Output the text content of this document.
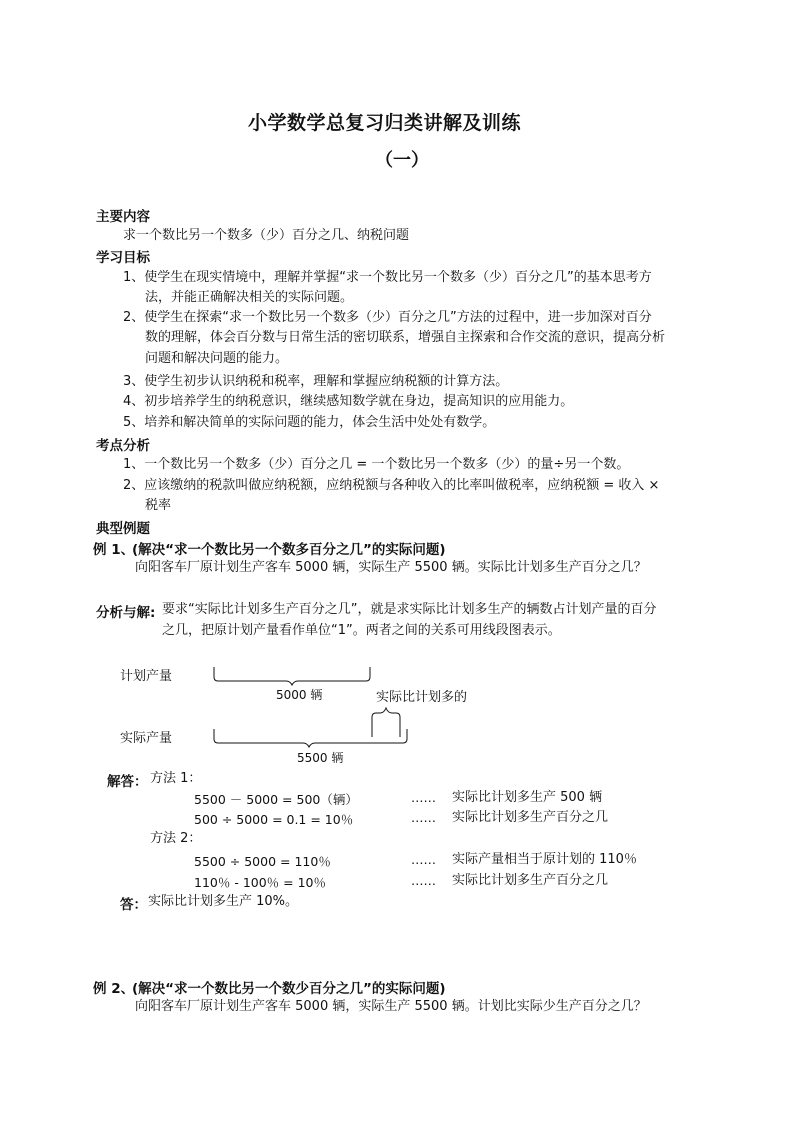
小学数学总复习归类讲解及训练
（一）
主要内容
求一个数比另一个数多（少）百分之几、纳税问题
学习目标
1、使学生在现实情境中，理解并掌握“求一个数比另一个数多（少）百分之几”的基本思考方
法，并能正确解决相关的实际问题。
2、使学生在探索“求一个数比另一个数多（少）百分之几”方法的过程中，进一步加深对百分
数的理解，体会百分数与日常生活的密切联系，增强自主探索和合作交流的意识，提高分析
问题和解决问题的能力。
3、使学生初步认识纳税和税率，理解和掌握应纳税额的计算方法。
4、初步培养学生的纳税意识，继续感知数学就在身边，提高知识的应用能力。
5、培养和解决简单的实际问题的能力，体会生活中处处有数学。
考点分析
1、一个数比另一个数多（少）百分之几 = 一个数比另一个数多（少）的量÷另一个数。
2、应该缴纳的税款叫做应纳税额，应纳税额与各种收入的比率叫做税率，应纳税额 = 收入 ×
税率
典型例题
例 1、
(解决“求一个数比另一个数多百分之几”的实际问题)
向阳客车厂原计划生产客车 5000 辆，实际生产 5500 辆。实际比计划多生产百分之几？
分析与解: 要求“实际比计划多生产百分之几”，就是求实际比计划多生产的辆数占计划产量的百分
之几，把原计划产量看作单位“1”。两者之间的关系可用线段图表示。
计划产量
5000 辆	实际比计划多的
实际产量
5500 辆
解答： 方法 1：
5500 － 5000 = 500（辆）	…… 实际比计划多生产 500 辆
500 ÷ 5000 = 0.1 = 10％	…… 实际比计划多生产百分之几
方法 2：
5500 ÷ 5000 = 110％	…… 实际产量相当于原计划的 110％
110％ - 100％ = 10％	…… 实际比计划多生产百分之几
答： 实际比计划多生产 10%。
例 2、
(解决“求一个数比另一个数少百分之几”的实际问题)
向阳客车厂原计划生产客车 5000 辆，实际生产 5500 辆。计划比实际少生产百分之几？
